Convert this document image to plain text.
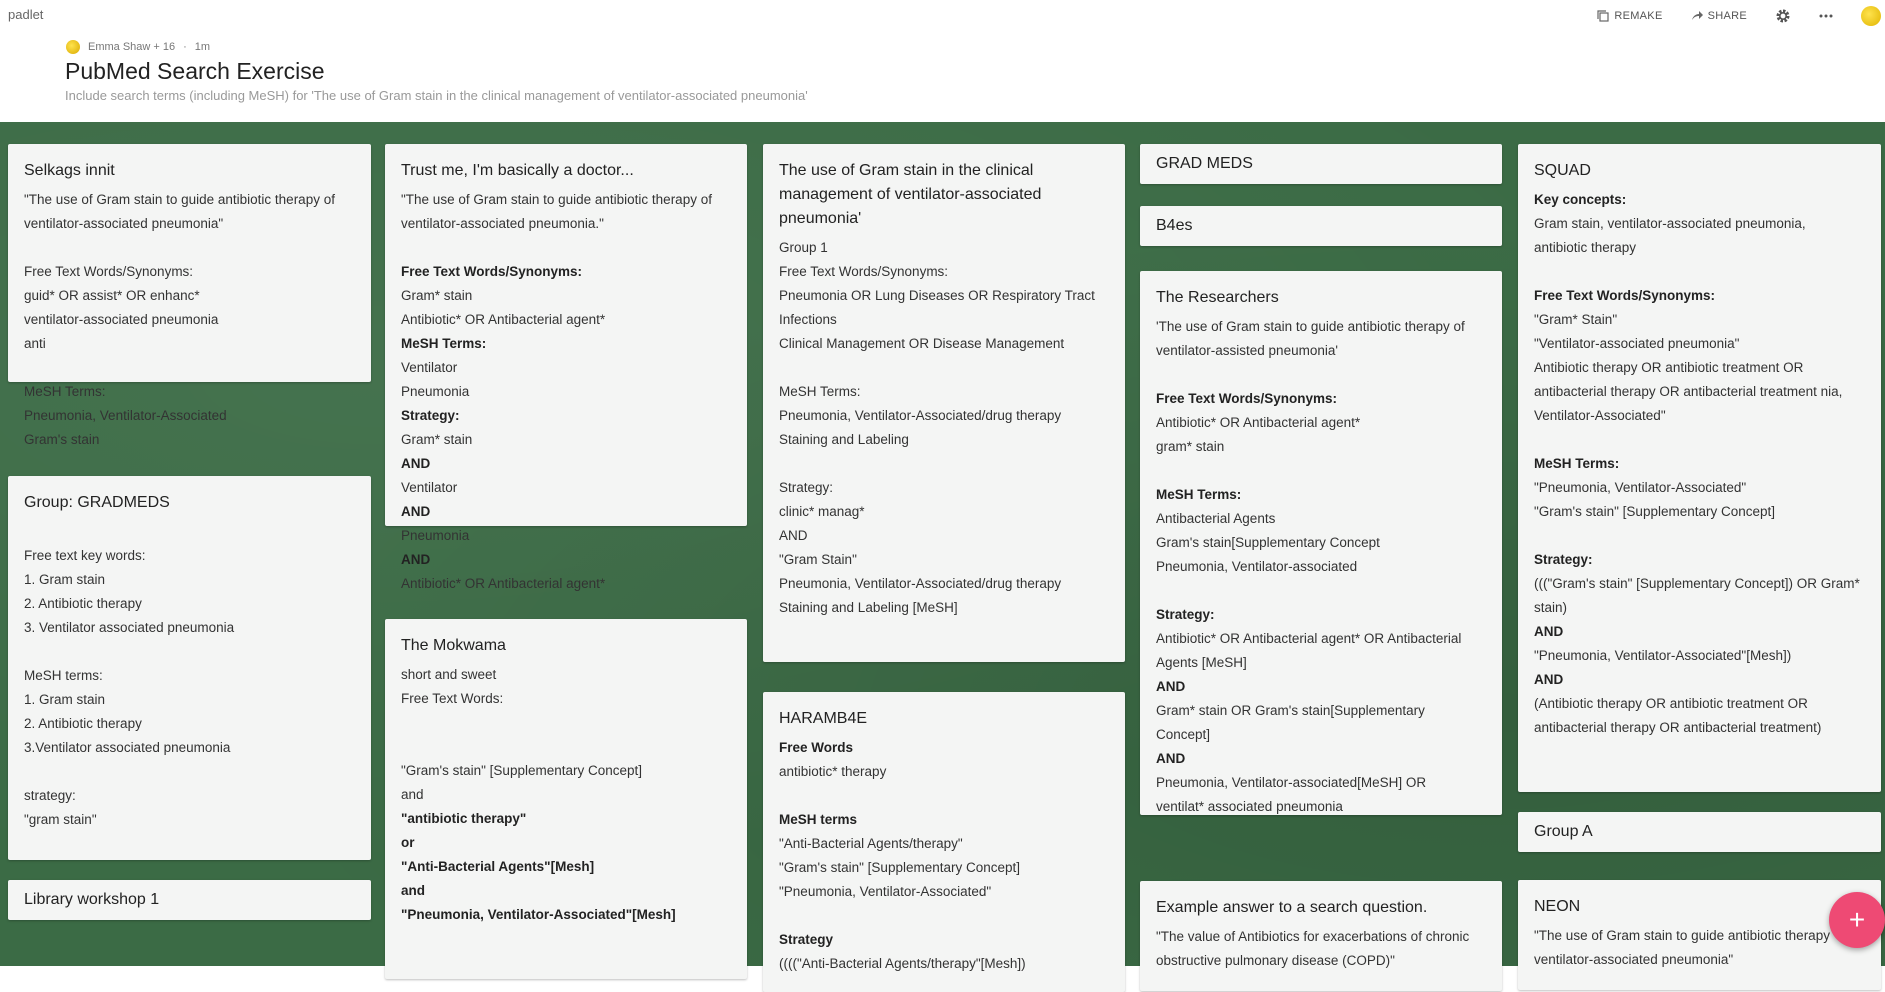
padlet	REMAKE	SHARE
Emma Shaw + 16 · 1m
PubMed Search Exercise
Include search terms (including MeSH) for 'The use of Gram stain in the clinical management of ventilator-associated pneumonia'
Selkags innit
"The use of Gram stain to guide antibiotic therapy of
ventilator-associated pneumonia"
Free Text Words/Synonyms:
guid* OR assist* OR enhanc*
ventilator-associated pneumonia
anti
MeSH Terms:
Pneumonia, Ventilator-Associated
Gram's stain
Group: GRADMEDS
Free text key words:
1. Gram stain
2. Antibiotic therapy
3. Ventilator associated pneumonia
MeSH terms:
1. Gram stain
2. Antibiotic therapy
3.Ventilator associated pneumonia
strategy:
"gram stain"
Library workshop 1
Trust me, I'm basically a doctor...
"The use of Gram stain to guide antibiotic therapy of
ventilator-associated pneumonia."
Free Text Words/Synonyms:
Gram* stain
Antibiotic* OR Antibacterial agent*
MeSH Terms:
Ventilator
Pneumonia
Strategy:
Gram* stain
AND
Ventilator
AND
Pneumonia
AND
Antibiotic* OR Antibacterial agent*
The Mokwama
short and sweet
Free Text Words:
"Gram's stain" [Supplementary Concept]
and
"antibiotic therapy"
or
"Anti-Bacterial Agents"[Mesh]
and
"Pneumonia, Ventilator-Associated"[Mesh]
The use of Gram stain in the clinical management of ventilator-associated pneumonia'
Group 1
Free Text Words/Synonyms:
Pneumonia OR Lung Diseases OR Respiratory Tract
Infections
Clinical Management OR Disease Management
MeSH Terms:
Pneumonia, Ventilator-Associated/drug therapy
Staining and Labeling
Strategy:
clinic* manag*
AND
"Gram Stain"
Pneumonia, Ventilator-Associated/drug therapy
Staining and Labeling [MeSH]
HARAMB4E
Free Words
antibiotic* therapy
MeSH terms
"Anti-Bacterial Agents/therapy"
"Gram's stain" [Supplementary Concept]
"Pneumonia, Ventilator-Associated"
Strategy
(((("Anti-Bacterial Agents/therapy"[Mesh])
GRAD MEDS
B4es
The Researchers
'The use of Gram stain to guide antibiotic therapy of
ventilator-assisted pneumonia'
Free Text Words/Synonyms:
Antibiotic* OR Antibacterial agent*
gram* stain
MeSH Terms:
Antibacterial Agents
Gram's stain[Supplementary Concept
Pneumonia, Ventilator-associated
Strategy:
Antibiotic* OR Antibacterial agent* OR Antibacterial
Agents [MeSH]
AND
Gram* stain OR Gram's stain[Supplementary
Concept]
AND
Pneumonia, Ventilator-associated[MeSH] OR
ventilat* associated pneumonia
Example answer to a search question.
"The value of Antibiotics for exacerbations of chronic
obstructive pulmonary disease (COPD)"
SQUAD
Key concepts:
Gram stain, ventilator-associated pneumonia,
antibiotic therapy
Free Text Words/Synonyms:
"Gram* Stain"
"Ventilator-associated pneumonia"
Antibiotic therapy OR antibiotic treatment OR
antibacterial therapy OR antibacterial treatment nia,
Ventilator-Associated"
MeSH Terms:
"Pneumonia, Ventilator-Associated"
"Gram's stain" [Supplementary Concept]
Strategy:
((("Gram's stain" [Supplementary Concept]) OR Gram*
stain)
AND
"Pneumonia, Ventilator-Associated"[Mesh])
AND
(Antibiotic therapy OR antibiotic treatment OR
antibacterial therapy OR antibacterial treatment)
Group A
NEON
"The use of Gram stain to guide antibiotic therapy
ventilator-associated pneumonia"
+
